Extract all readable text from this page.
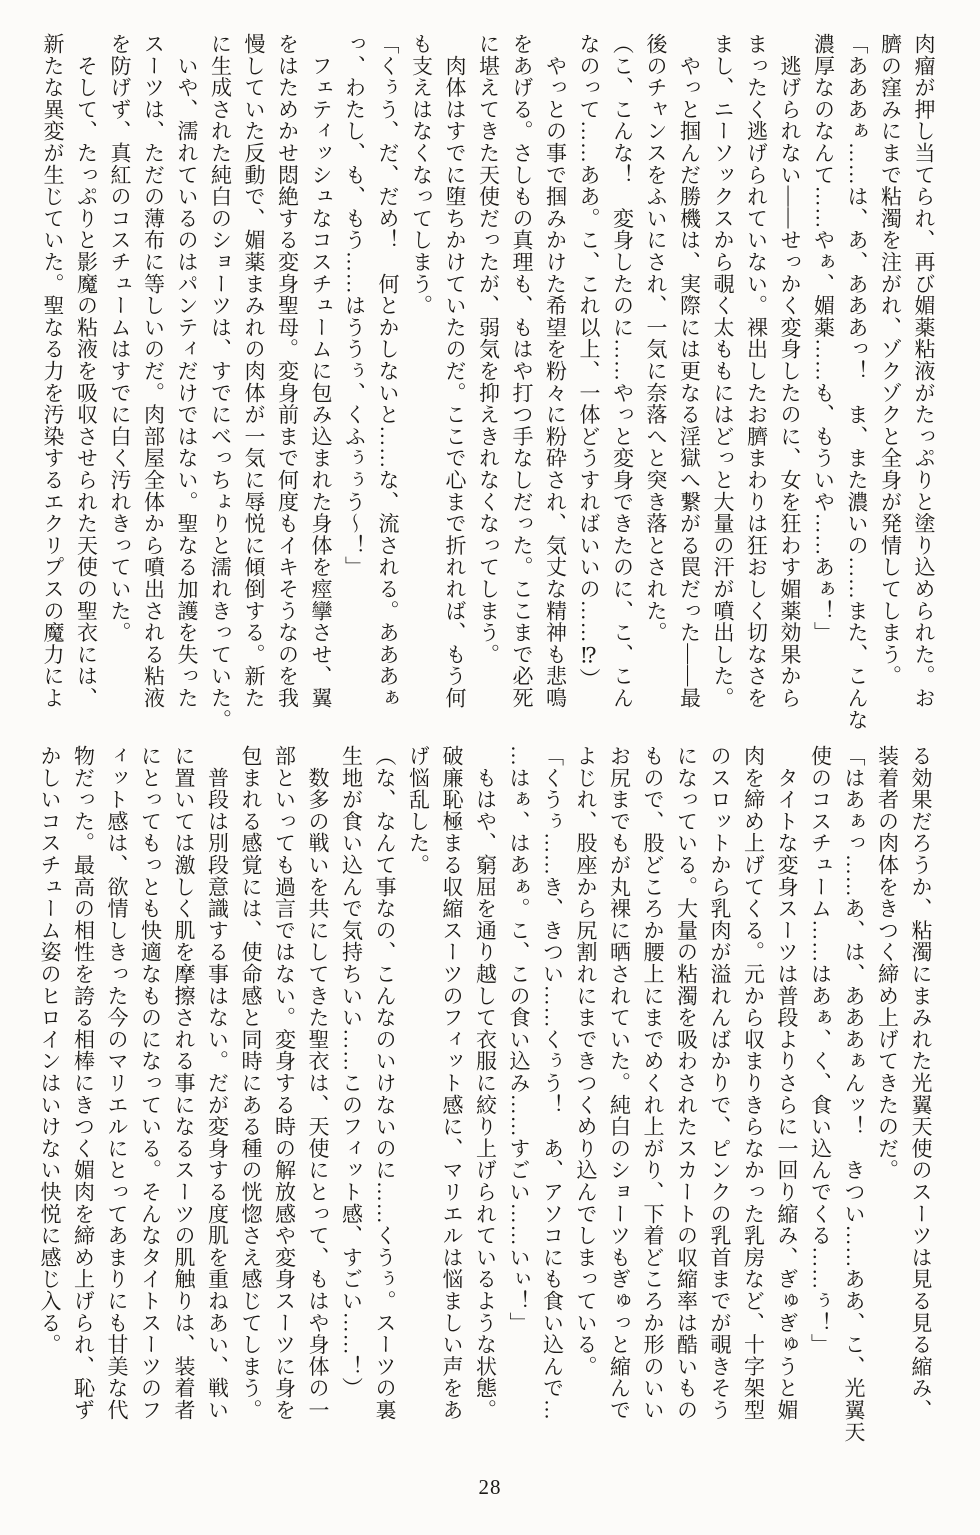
肉瘤が押し当てられ、再び媚薬粘液がたっぷりと塗り込められた。お
臍の窪みにまで粘濁を注がれ、ゾクゾクと全身が発情してしまう。
「あああぁ……は、あ、あああっ！　ま、また濃いの……また、こんな
濃厚なのなんて……やぁ、媚薬……も、もういや……あぁ！」
　逃げられない——せっかく変身したのに、女を狂わす媚薬効果から
まったく逃げられていない。裸出したお臍まわりは狂おしく切なさを
まし、ニーソックスから覗く太ももにはどっと大量の汗が噴出した。
　やっと掴んだ勝機は、実際には更なる淫獄へ繋がる罠だった——最
後のチャンスをふいにされ、一気に奈落へと突き落とされた。
（こ、こんな！　変身したのに……やっと変身できたのに、こ、こん
なのって……ああ。こ、これ以上、一体どうすればいいの……⁉）
　やっとの事で掴みかけた希望を粉々に粉砕され、気丈な精神も悲鳴
をあげる。さしもの真理も、もはや打つ手なしだった。ここまで必死
に堪えてきた天使だったが、弱気を抑えきれなくなってしまう。
　肉体はすでに堕ちかけていたのだ。ここで心まで折れれば、もう何
も支えはなくなってしまう。
「くぅう、だ、だめ！　何とかしないと……な、流される。あああぁ
っ、わたし、も、もう……はううぅ、くふぅぅう～！」
　フェティッシュなコスチュームに包み込まれた身体を痙攣させ、翼
をはためかせ悶絶する変身聖母。変身前まで何度もイキそうなのを我
慢していた反動で、媚薬まみれの肉体が一気に辱悦に傾倒する。新た
に生成された純白のショーツは、すでにべっちょりと濡れきっていた。
　いや、濡れているのはパンティだけではない。聖なる加護を失った
スーツは、ただの薄布に等しいのだ。肉部屋全体から噴出される粘液
を防げず、真紅のコスチュームはすでに白く汚れきっていた。
　そして、たっぷりと影魔の粘液を吸収させられた天使の聖衣には、
新たな異変が生じていた。聖なる力を汚染するエクリプスの魔力によ
る効果だろうか、粘濁にまみれた光翼天使のスーツは見る見る縮み、
装着者の肉体をきつく締め上げてきたのだ。
「はあぁっ……あ、は、あああぁんッ！　きつい……ああ、こ、光翼天
使のコスチューム……はあぁ、く、食い込んでくる……ぅ！」
　タイトな変身スーツは普段よりさらに一回り縮み、ぎゅぎゅうと媚
肉を締め上げてくる。元から収まりきらなかった乳房など、十字架型
のスロットから乳肉が溢れんばかりで、ピンクの乳首までが覗きそう
になっている。大量の粘濁を吸わされたスカートの収縮率は酷いもの
もので、股どころか腰上にまでめくれ上がり、下着どころか形のいい
お尻までもが丸裸に晒されていた。純白のショーツもぎゅっと縮んで
よじれ、股座から尻割れにまできつくめり込んでしまっている。
「くうぅ……き、きつい……くぅう！　あ、アソコにも食い込んで…
…はぁ、はあぁ。こ、この食い込み……すごい……いぃ！」
　もはや、窮屈を通り越して衣服に絞り上げられているような状態。
破廉恥極まる収縮スーツのフィット感に、マリエルは悩ましい声をあ
げ悩乱した。
（な、なんて事なの、こんなのいけないのに……くうぅ。スーツの裏
生地が食い込んで気持ちいい……このフィット感、すごい……！）
　数多の戦いを共にしてきた聖衣は、天使にとって、もはや身体の一
部といっても過言ではない。変身する時の解放感や変身スーツに身を
包まれる感覚には、使命感と同時にある種の恍惚さえ感じてしまう。
　普段は別段意識する事はない。だが変身する度肌を重ねあい、戦い
に置いては激しく肌を摩擦される事になるスーツの肌触りは、装着者
にとってもっとも快適なものになっている。そんなタイトスーツのフ
ィット感は、欲情しきった今のマリエルにとってあまりにも甘美な代
物だった。最高の相性を誇る相棒にきつく媚肉を締め上げられ、恥ず
かしいコスチューム姿のヒロインはいけない快悦に感じ入る。
28
